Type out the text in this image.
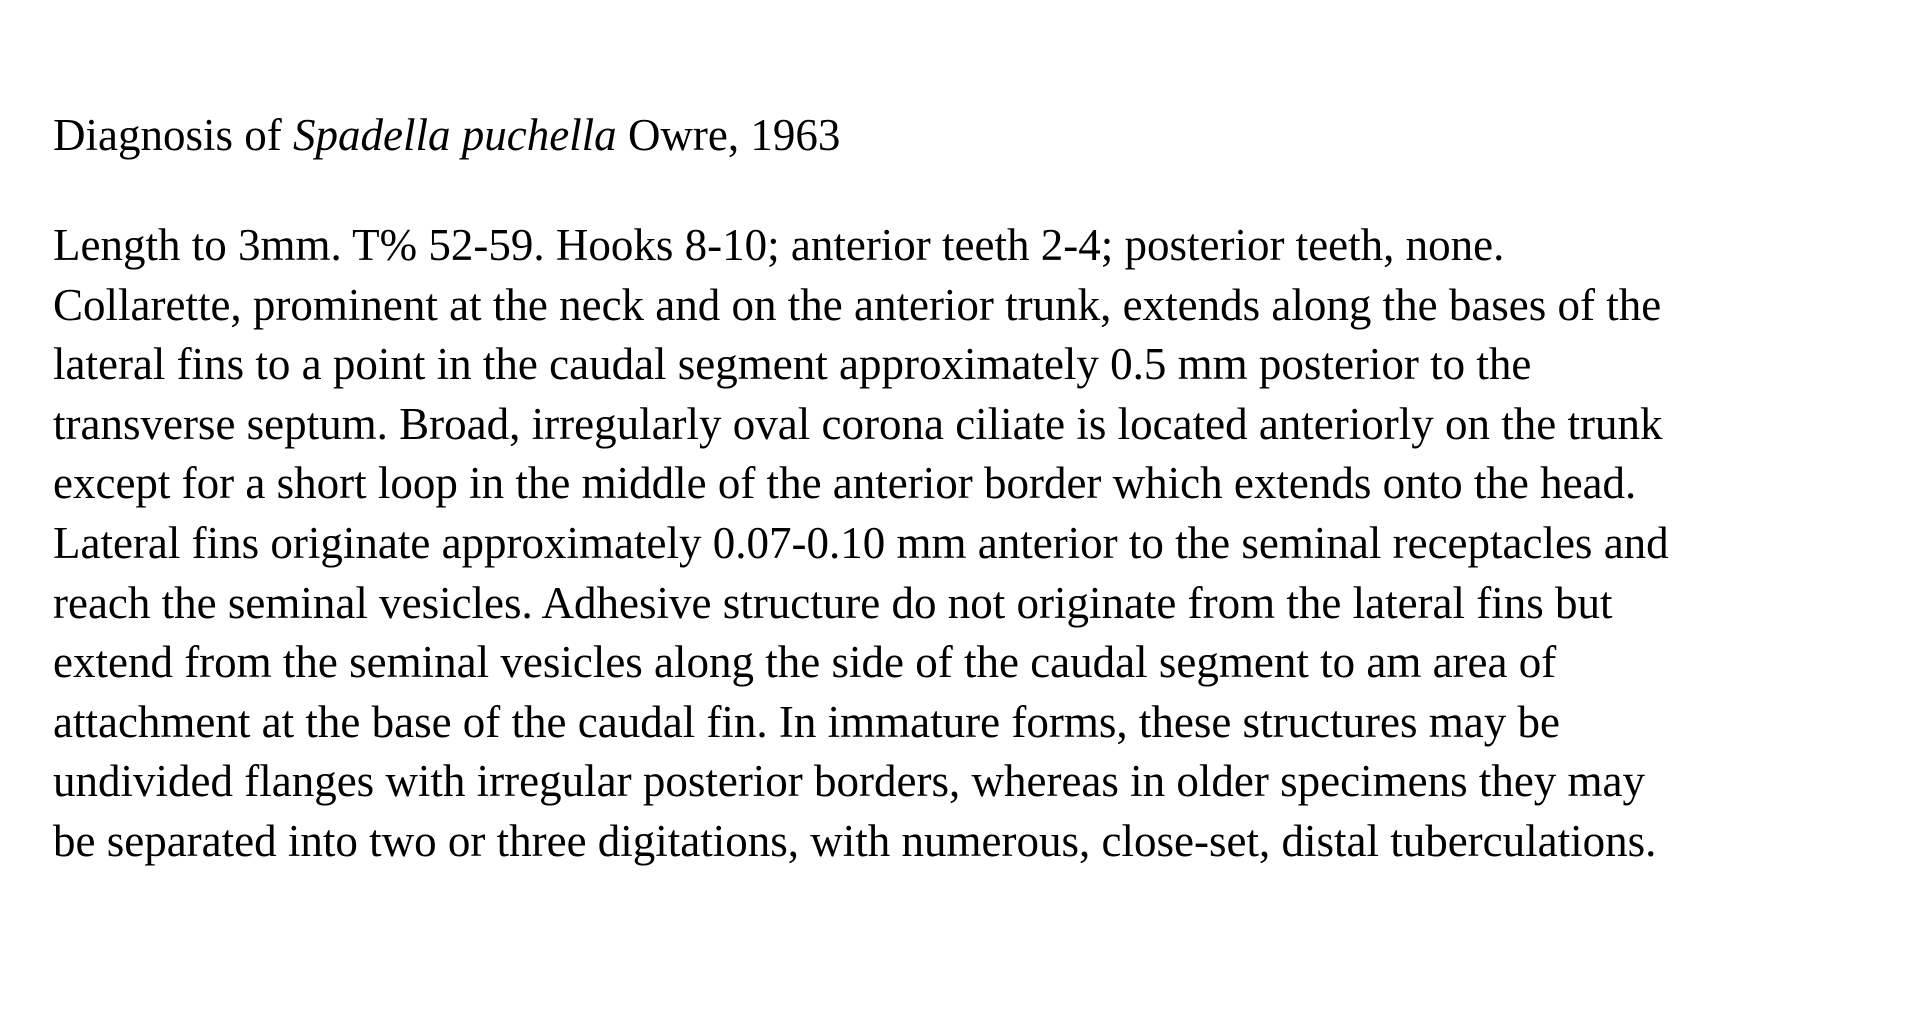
Diagnosis of Spadella puchella Owre, 1963

Length to 3mm. T% 52-59. Hooks 8-10; anterior teeth 2-4; posterior teeth, none.
Collarette, prominent at the neck and on the anterior trunk, extends along the bases of the
lateral fins to a point in the caudal segment approximately 0.5 mm posterior to the
transverse septum. Broad, irregularly oval corona ciliate is located anteriorly on the trunk
except for a short loop in the middle of the anterior border which extends onto the head.
Lateral fins originate approximately 0.07-0.10 mm anterior to the seminal receptacles and
reach the seminal vesicles. Adhesive structure do not originate from the lateral fins but
extend from the seminal vesicles along the side of the caudal segment to am area of
attachment at the base of the caudal fin. In immature forms, these structures may be
undivided flanges with irregular posterior borders, whereas in older specimens they may
be separated into two or three digitations, with numerous, close-set, distal tuberculations.
